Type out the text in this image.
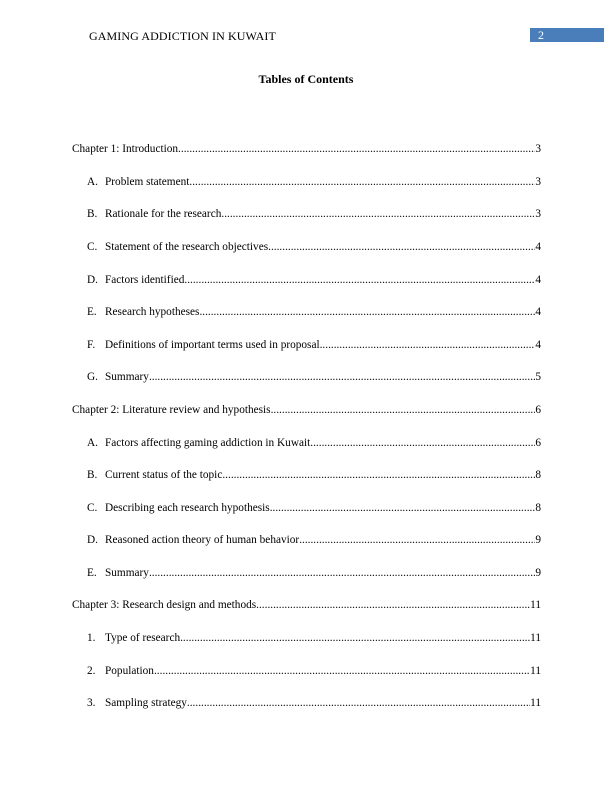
GAMING ADDICTION IN KUWAIT	2
Tables of Contents
Chapter 1: Introduction .....	3
A. Problem statement .....	3
B. Rationale for the research .....	3
C. Statement of the research objectives .....	4
D. Factors identified .....	4
E. Research hypotheses .....	4
F. Definitions of important terms used in proposal .....	4
G. Summary .....	5
Chapter 2: Literature review and hypothesis .....	6
A. Factors affecting gaming addiction in Kuwait .....	6
B. Current status of the topic .....	8
C. Describing each research hypothesis .....	8
D. Reasoned action theory of human behavior .....	9
E. Summary .....	9
Chapter 3: Research design and methods .....	11
1. Type of research .....	11
2. Population .....	11
3. Sampling strategy .....	11
